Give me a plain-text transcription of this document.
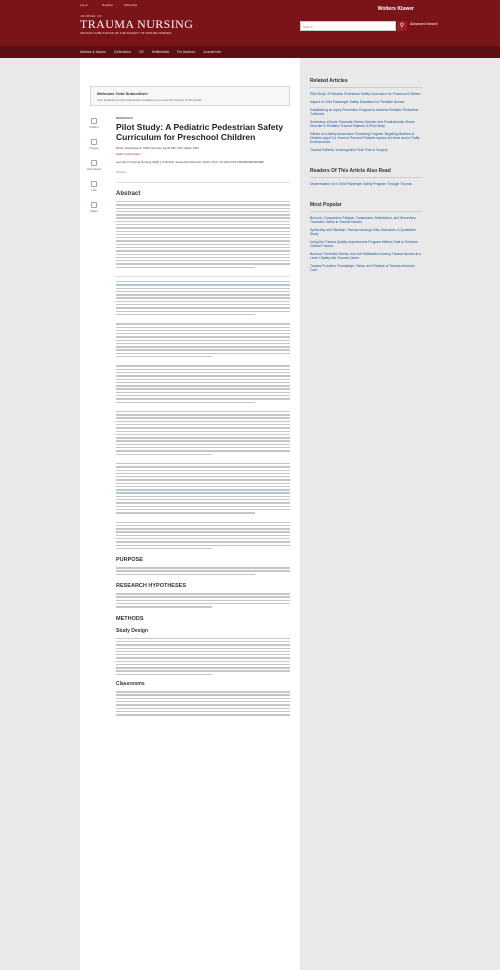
Log in	Register	Subscribe
JOURNAL OF
TRAUMA NURSING
OFFICIAL PUBLICATION OF THE SOCIETY OF TRAUMA NURSES
Wolters Kluwer
Search	⚲	Advanced Search
Articles & Issues Collections CE Multimedia For Authors Journal Info
Welcome Ovid Subscriber!
Your institution's Ovid subscription entitles you to view the full text of this article.
Outline
Images
Download
Cite
Share
RESEARCH
Pilot Study: A Pediatric Pedestrian Safety Curriculum for Preschool Children
Rivas, Stephanie E. MSN; Dumas, Kayla MD, MS; Gillian PhD
Author Information
Journal of Trauma Nursing 25(5):p 315-320, September/October 2018. | DOI: 10.1097/JTN.0000000000000385
0 Cited
Abstract
PURPOSE
RESEARCH HYPOTHESES
METHODS
Study Design
Classrooms
Related Articles
Pilot Study: A Pediatric Pedestrian Safety Curriculum for Preschool Children
Impact of Child Passenger Safety Education for Pediatric Nurses
Establishing an Injury Prevention Program to Address Pediatric Pedestrian Collisions
Screening of Acute Traumatic Stress Disorder and Posttraumatic Stress Disorder in Pediatric Trauma Patients: A Pilot Study
Effects of a Safety Awareness Promoting Program Targeting Mothers of Children Aged 0-6 Years to Prevent Pediatric Injuries at Home and in Traffic Environments
Trauma Patients' Unrecognized Fear Prior to Surgery
Readers Of This Article Also Read
Dissemination of a Child Passenger Safety Program Through Trauma...
Most Popular
Burnout, Compassion Fatigue, Compassion Satisfaction, and Secondary Traumatic Stress in Trauma Nurses
Spirituality and Situation: Trauma Nursing Crisis Outcomes: A Qualitative Study
Using the Trauma Quality Improvement Program Metrics Data to Enhance Clinical Practice
Burnout, Perceived Stress, and Job Satisfaction Among Trauma Nurses at a Level I Safety-Net Trauma Center
Trauma Providers' Knowledge, Views, and Practice of Trauma-Informed Care
